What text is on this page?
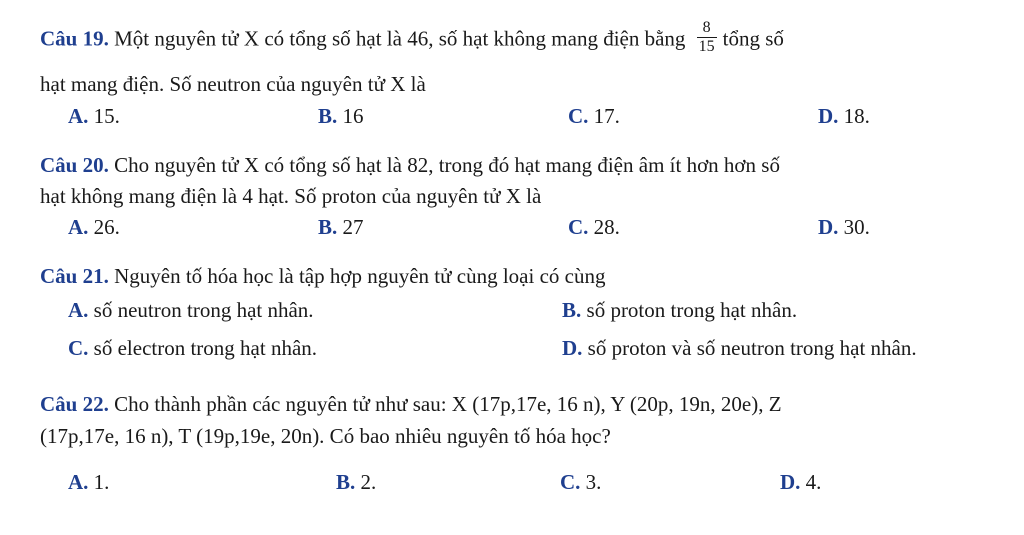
Câu 19. Một nguyên tử X có tổng số hạt là 46, số hạt không mang điện bằng $\frac{8}{15}$ tổng số
hạt mang điện. Số neutron của nguyên tử X là
A. 15.	B. 16	C. 17.	D. 18.
Câu 20. Cho nguyên tử X có tổng số hạt là 82, trong đó hạt mang điện âm ít hơn hơn số
hạt không mang điện là 4 hạt. Số proton của nguyên tử X là
A. 26.	B. 27	C. 28.	D. 30.
Câu 21. Nguyên tố hóa học là tập hợp nguyên tử cùng loại có cùng
A. số neutron trong hạt nhân.	B. số proton trong hạt nhân.
C. số electron trong hạt nhân.	D. số proton và số neutron trong hạt nhân.
Câu 22. Cho thành phần các nguyên tử như sau: X (17p,17e, 16 n), Y (20p, 19n, 20e), Z
(17p,17e, 16 n), T (19p,19e, 20n). Có bao nhiêu nguyên tố hóa học?
A. 1.	B. 2.	C. 3.	D. 4.
